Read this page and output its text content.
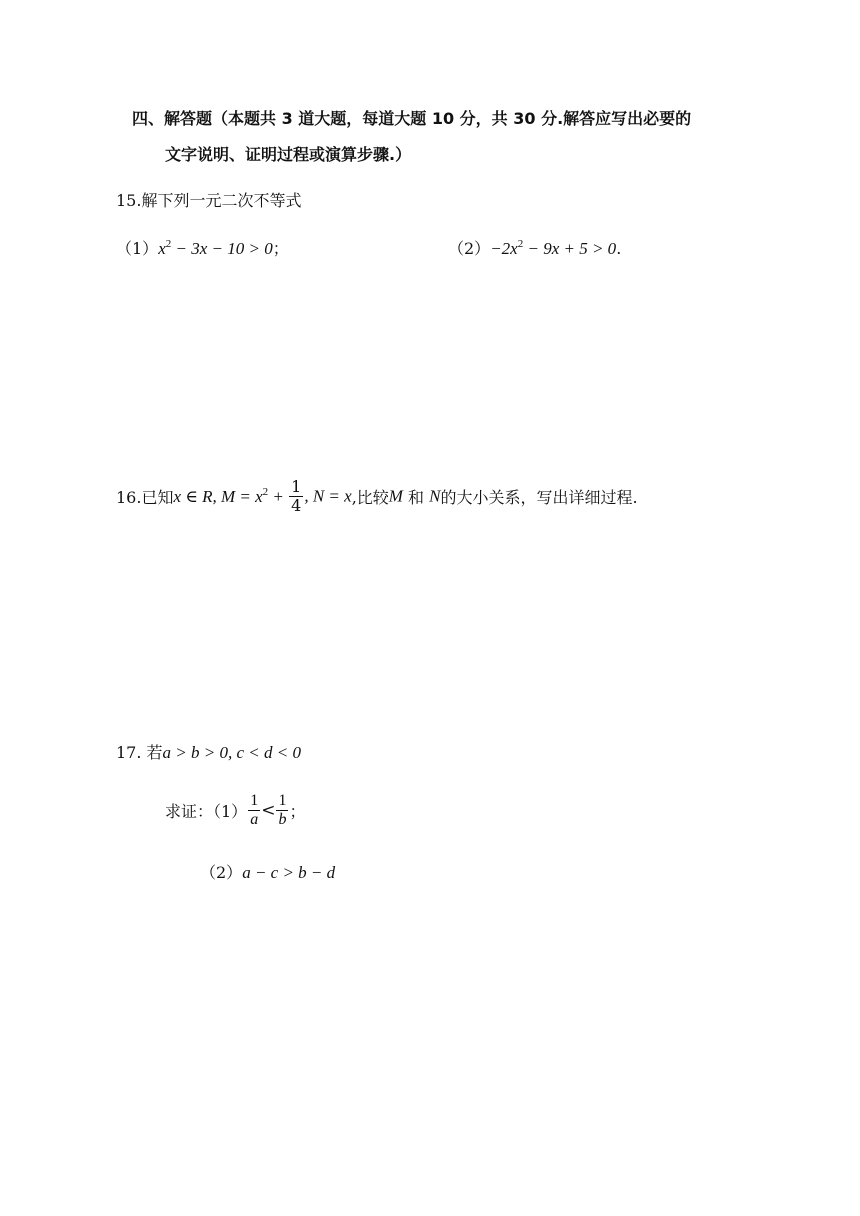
四、解答题（本题共 3 道大题，每道大题 10 分，共 30 分.解答应写出必要的
文字说明、证明过程或演算步骤.）
15.解下列一元二次不等式
$(1)x^2 - 3x - 10 > 0$；	$(2)-2x^2 - 9x + 5 > 0$.
16.已知x ∈ R, $M = x^2 + \frac{1}{4}$ , N = x,比较M 和 N的大小关系，写出详细过程.
17. 若a > b > 0, c < d < 0
求证：$(1) \frac{1}{a} < \frac{1}{b}$ ；
（2）a − c > b − d
